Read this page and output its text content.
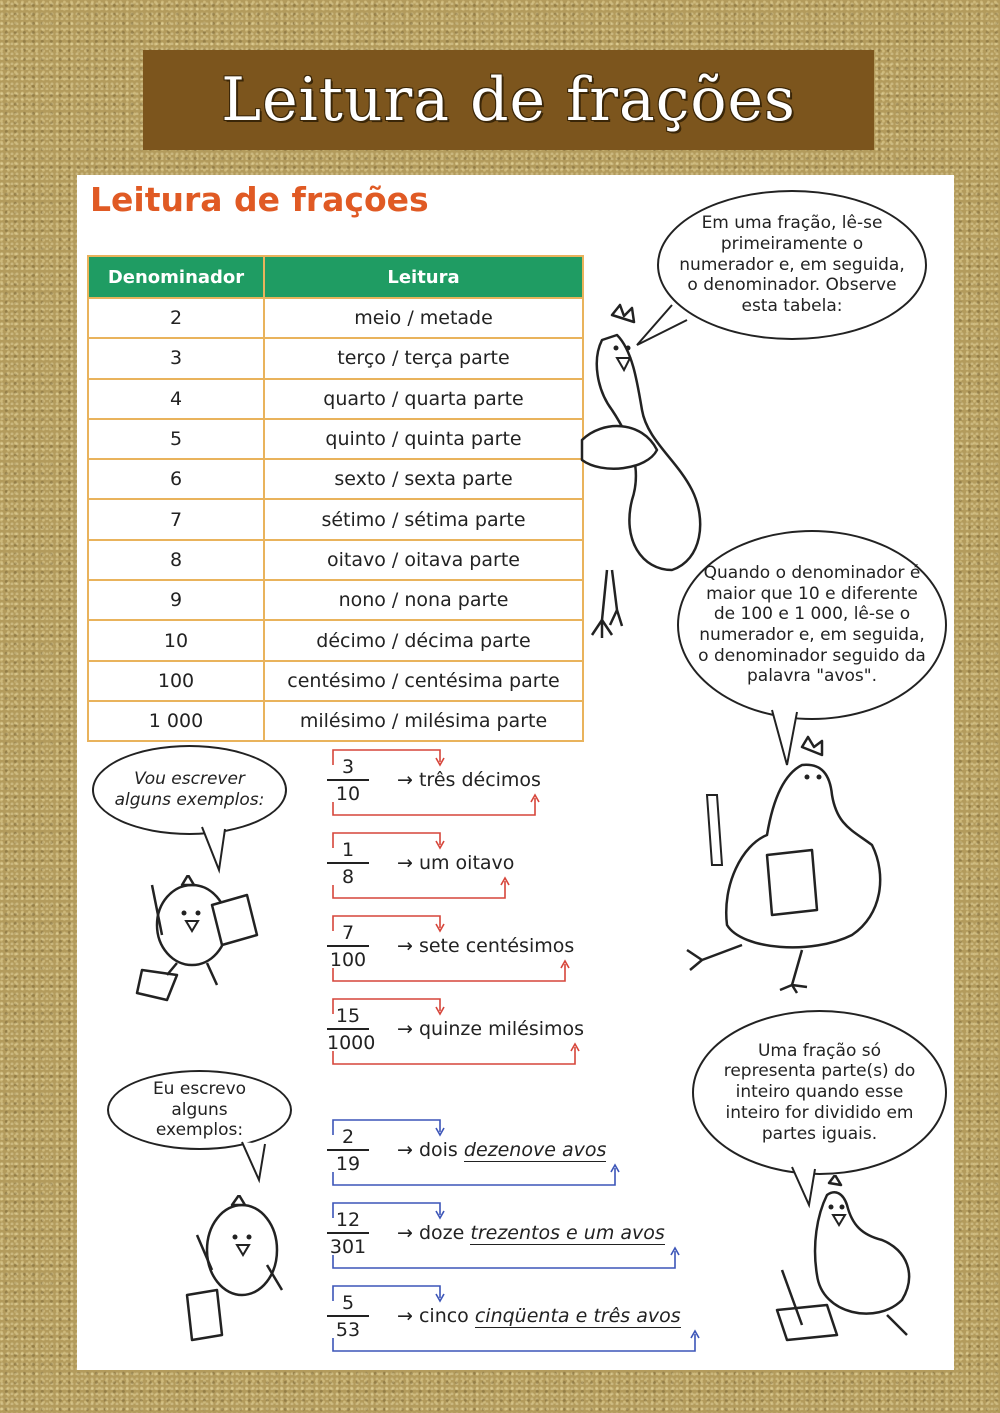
Leitura de frações
Leitura de frações
Denominador	Leitura
2	meio / metade
3	terço / terça parte
4	quarto / quarta parte
5	quinto / quinta parte
6	sexto / sexta parte
7	sétimo / sétima parte
8	oitavo / oitava parte
9	nono / nona parte
10	décimo / décima parte
100	centésimo / centésima parte
1 000	milésimo / milésima parte
Em uma fração, lê-se primeiramente o numerador e, em seguida, o denominador. Observe esta tabela:
Quando o denominador é maior que 10 e diferente de 100 e 1 000, lê-se o numerador e, em seguida, o denominador seguido da palavra "avos".
Vou escrever alguns exemplos:	$\frac{3}{10}$ → três décimos
$\frac{1}{8}$ → um oitavo
$\frac{7}{100}$ → sete centésimos
$\frac{15}{1000}$ → quinze milésimos
Eu escrevo alguns exemplos:	$\frac{2}{19}$ → dois dezenove avos
$\frac{12}{301}$ → doze trezentos e um avos
$\frac{5}{53}$ → cinco cinqüenta e três avos
Uma fração só representa parte(s) do inteiro quando esse inteiro for dividido em partes iguais.
